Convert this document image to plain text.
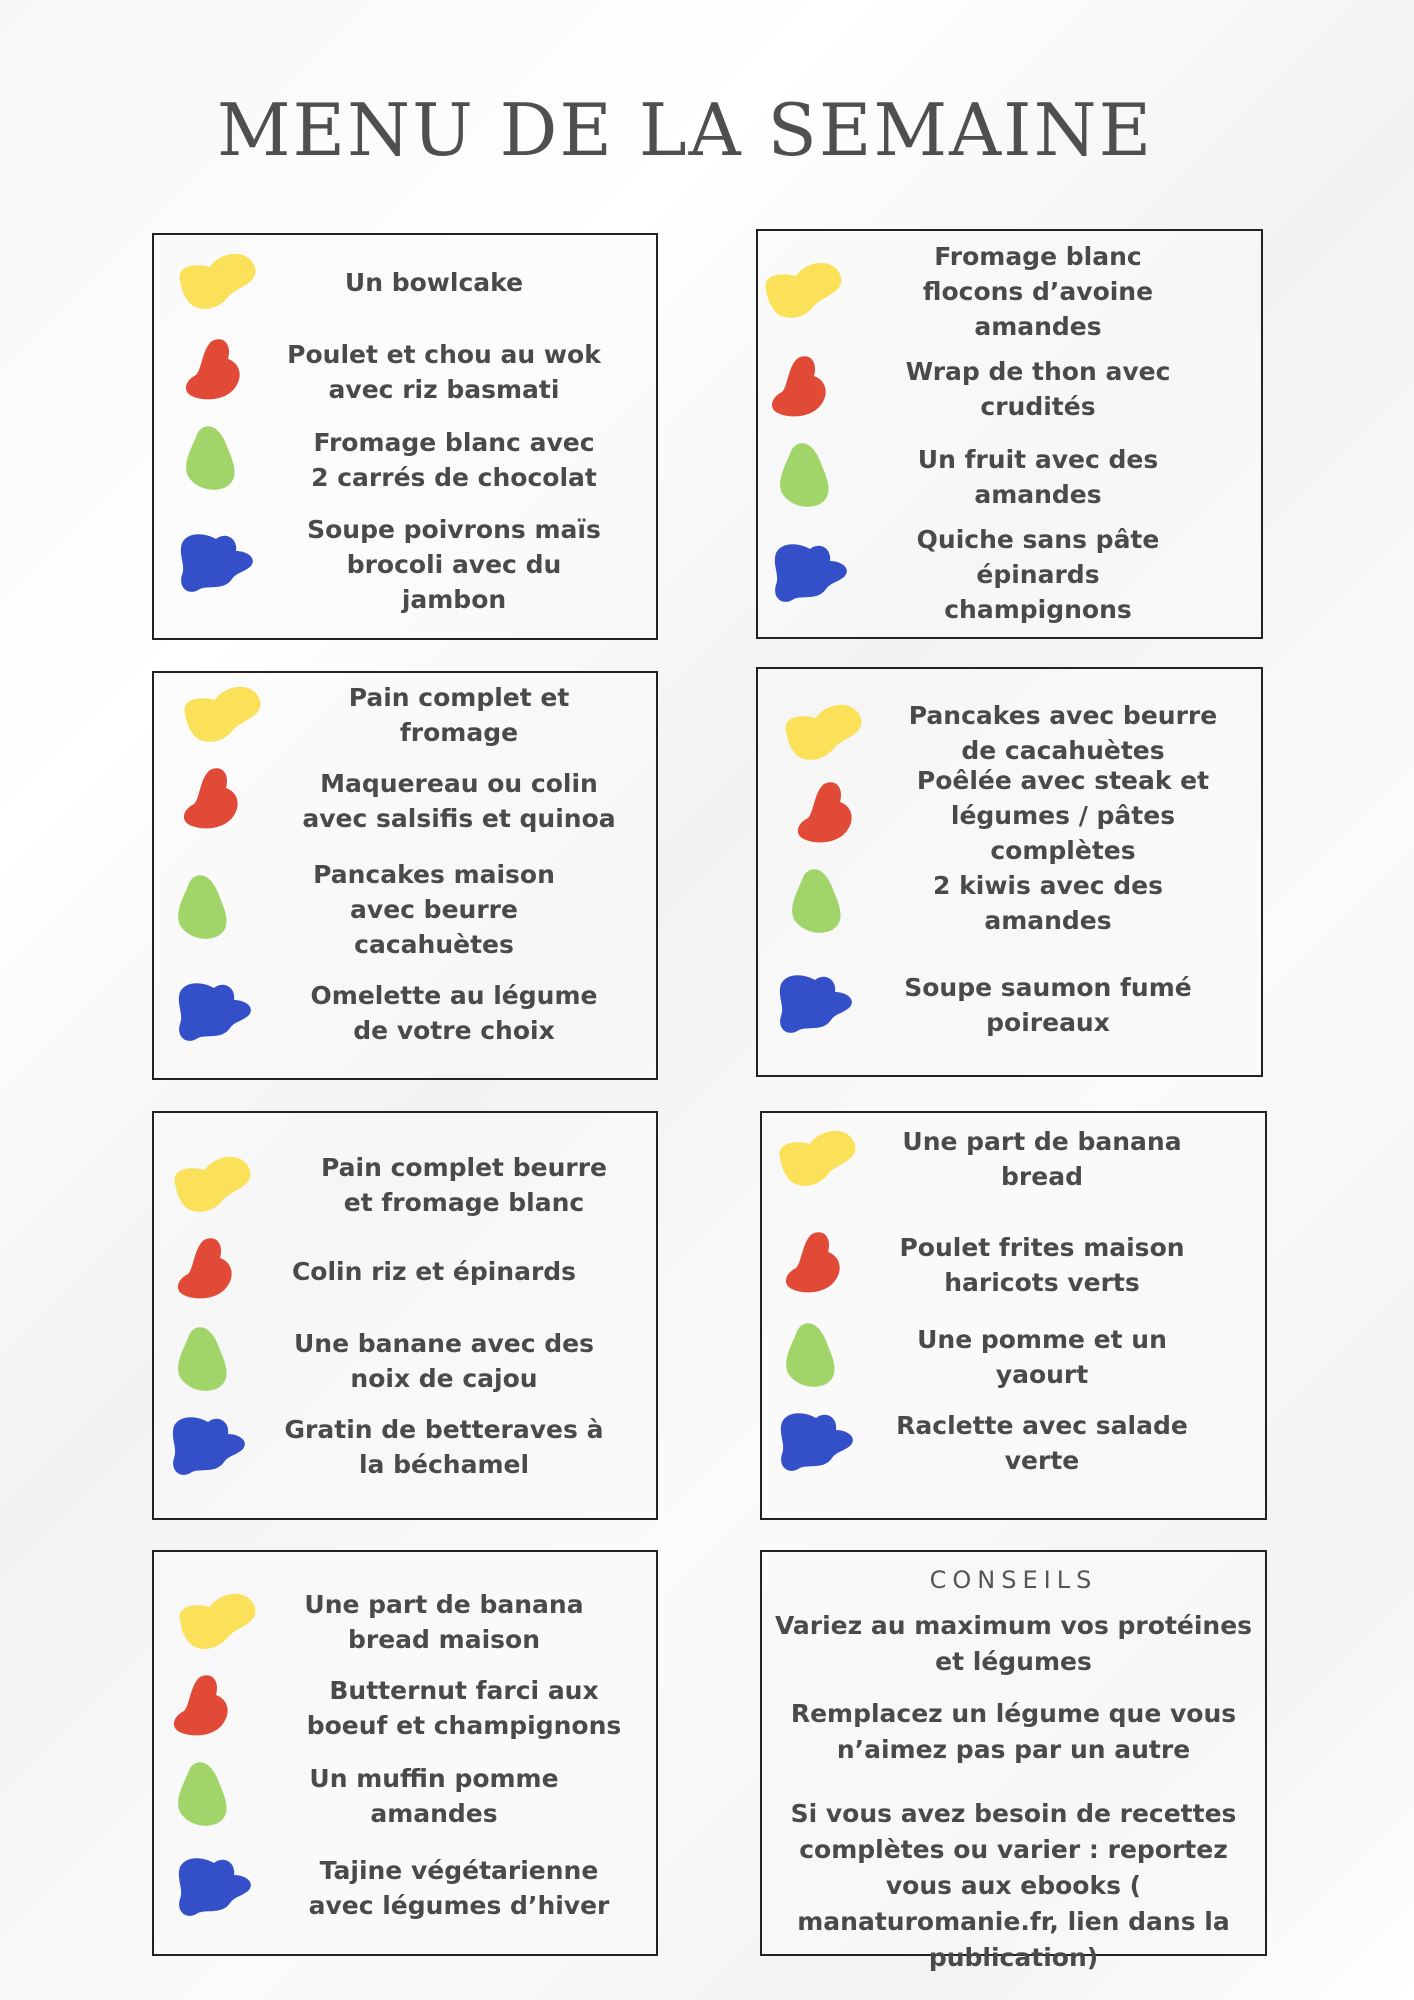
MENU DE LA SEMAINE
Un bowlcake
Poulet et chou au wok avec riz basmati
Fromage blanc avec 2 carrés de chocolat
Soupe poivrons maïs brocoli avec du jambon
Fromage blanc flocons d’avoine amandes
Wrap de thon avec crudités
Un fruit avec des amandes
Quiche sans pâte épinards champignons
Pain complet et fromage
Maquereau ou colin avec salsifis et quinoa
Pancakes maison avec beurre cacahuètes
Omelette au légume de votre choix
Pancakes avec beurre de cacahuètes
Poêlée avec steak et légumes / pâtes complètes
2 kiwis avec des amandes
Soupe saumon fumé poireaux
Pain complet beurre et fromage blanc
Colin riz et épinards
Une banane avec des noix de cajou
Gratin de betteraves à la béchamel
Une part de banana bread
Poulet frites maison haricots verts
Une pomme et un yaourt
Raclette avec salade verte
Une part de banana bread maison
Butternut farci aux boeuf et champignons
Un muffin pomme amandes
Tajine végétarienne avec légumes d’hiver
CONSEILS
Variez au maximum vos protéines et légumes
Remplacez un légume que vous n’aimez pas par un autre
Si vous avez besoin de recettes complètes ou varier : reportez vous aux ebooks ( manaturomanie.fr, lien dans la publication)
